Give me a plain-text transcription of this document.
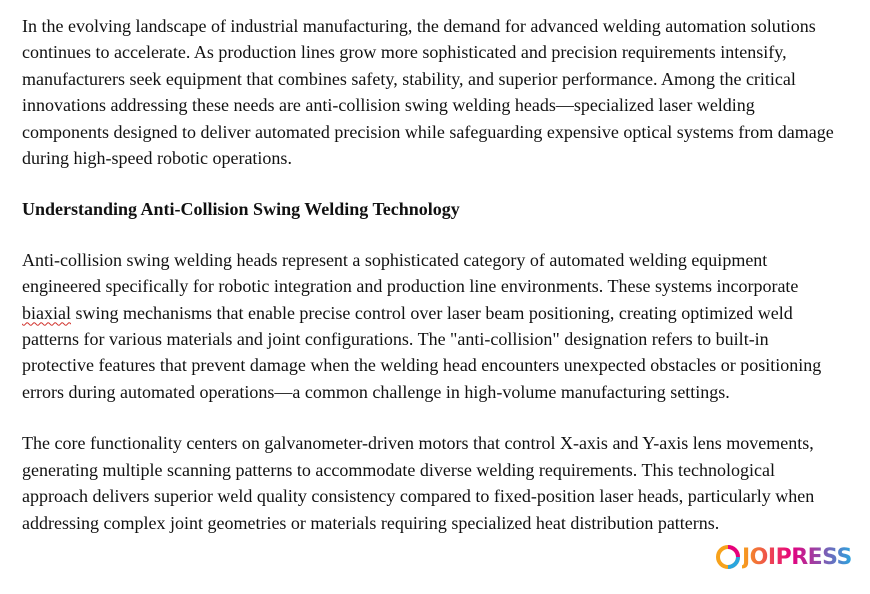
In the evolving landscape of industrial manufacturing, the demand for advanced welding automation solutions continues to accelerate. As production lines grow more sophisticated and precision requirements intensify, manufacturers seek equipment that combines safety, stability, and superior performance. Among the critical innovations addressing these needs are anti-collision swing welding heads—specialized laser welding components designed to deliver automated precision while safeguarding expensive optical systems from damage during high-speed robotic operations.

Understanding Anti-Collision Swing Welding Technology

Anti-collision swing welding heads represent a sophisticated category of automated welding equipment engineered specifically for robotic integration and production line environments. These systems incorporate biaxial swing mechanisms that enable precise control over laser beam positioning, creating optimized weld patterns for various materials and joint configurations. The "anti-collision" designation refers to built-in protective features that prevent damage when the welding head encounters unexpected obstacles or positioning errors during automated operations—a common challenge in high-volume manufacturing settings.

The core functionality centers on galvanometer-driven motors that control X-axis and Y-axis lens movements, generating multiple scanning patterns to accommodate diverse welding requirements. This technological approach delivers superior weld quality consistency compared to fixed-position laser heads, particularly when addressing complex joint geometries or materials requiring specialized heat distribution patterns.

JOIPRESS
